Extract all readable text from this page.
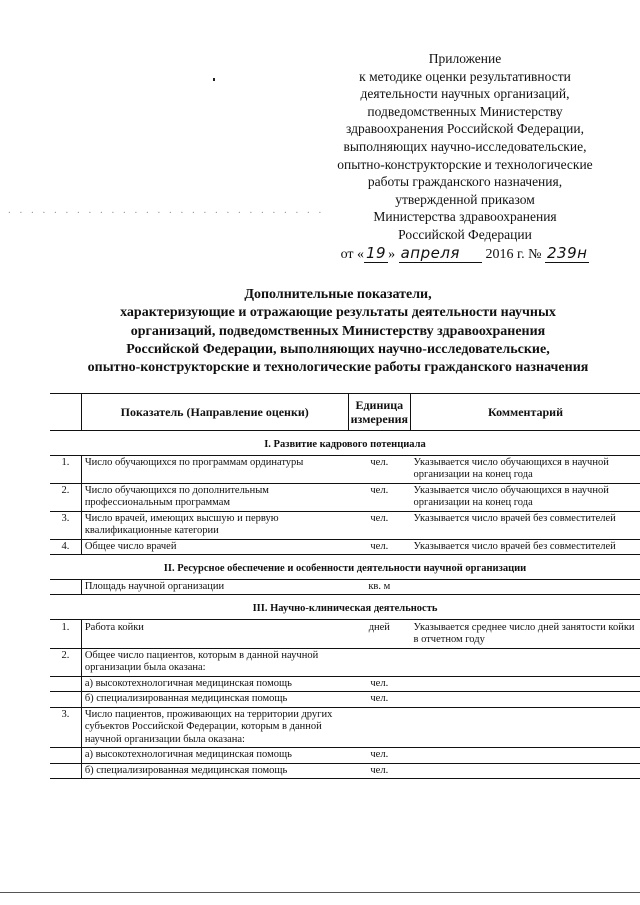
Приложение
к методике оценки результативности
деятельности научных организаций,
подведомственных Министерству
здравоохранения Российской Федерации,
выполняющих научно-исследовательские,
опытно-конструкторские и технологические
работы гражданского назначения,
утвержденной приказом
Министерства здравоохранения
Российской Федерации
от « 19 » апреля 2016 г. № 239н
. . . . . . . . . . . . . . . . . . . . . . . . . . . .
Дополнительные показатели,
характеризующие и отражающие результаты деятельности научных
организаций, подведомственных Министерству здравоохранения
Российской Федерации, выполняющих научно-исследовательские,
опытно-конструкторские и технологические работы гражданского назначения
	Показатель (Направление оценки)	Единица измерения	Комментарий
I. Развитие кадрового потенциала			
1.	Число обучающихся по программам ординатуры	чел.	Указывается число обучающихся в научной организации на конец года
2.	Число обучающихся по дополнительным профессиональным программам	чел.	Указывается число обучающихся в научной организации на конец года
3.	Число врачей, имеющих высшую и первую квалификационные категории	чел.	Указывается число врачей без совместителей
4.	Общее число врачей	чел.	Указывается число врачей без совместителей
II. Ресурсное обеспечение и особенности деятельности научной организации			
	Площадь научной организации	кв. м	
III. Научно-клиническая деятельность			
1.	Работа койки	дней	Указывается среднее число дней занятости койки в отчетном году
2.	Общее число пациентов, которым в данной научной организации была оказана:		
	а) высокотехнологичная медицинская помощь	чел.	
	б) специализированная медицинская помощь	чел.	
3.	Число пациентов, проживающих на территории других субъектов Российской Федерации, которым в данной научной организации была оказана:		
	а) высокотехнологичная медицинская помощь	чел.	
	б) специализированная медицинская помощь	чел.	
